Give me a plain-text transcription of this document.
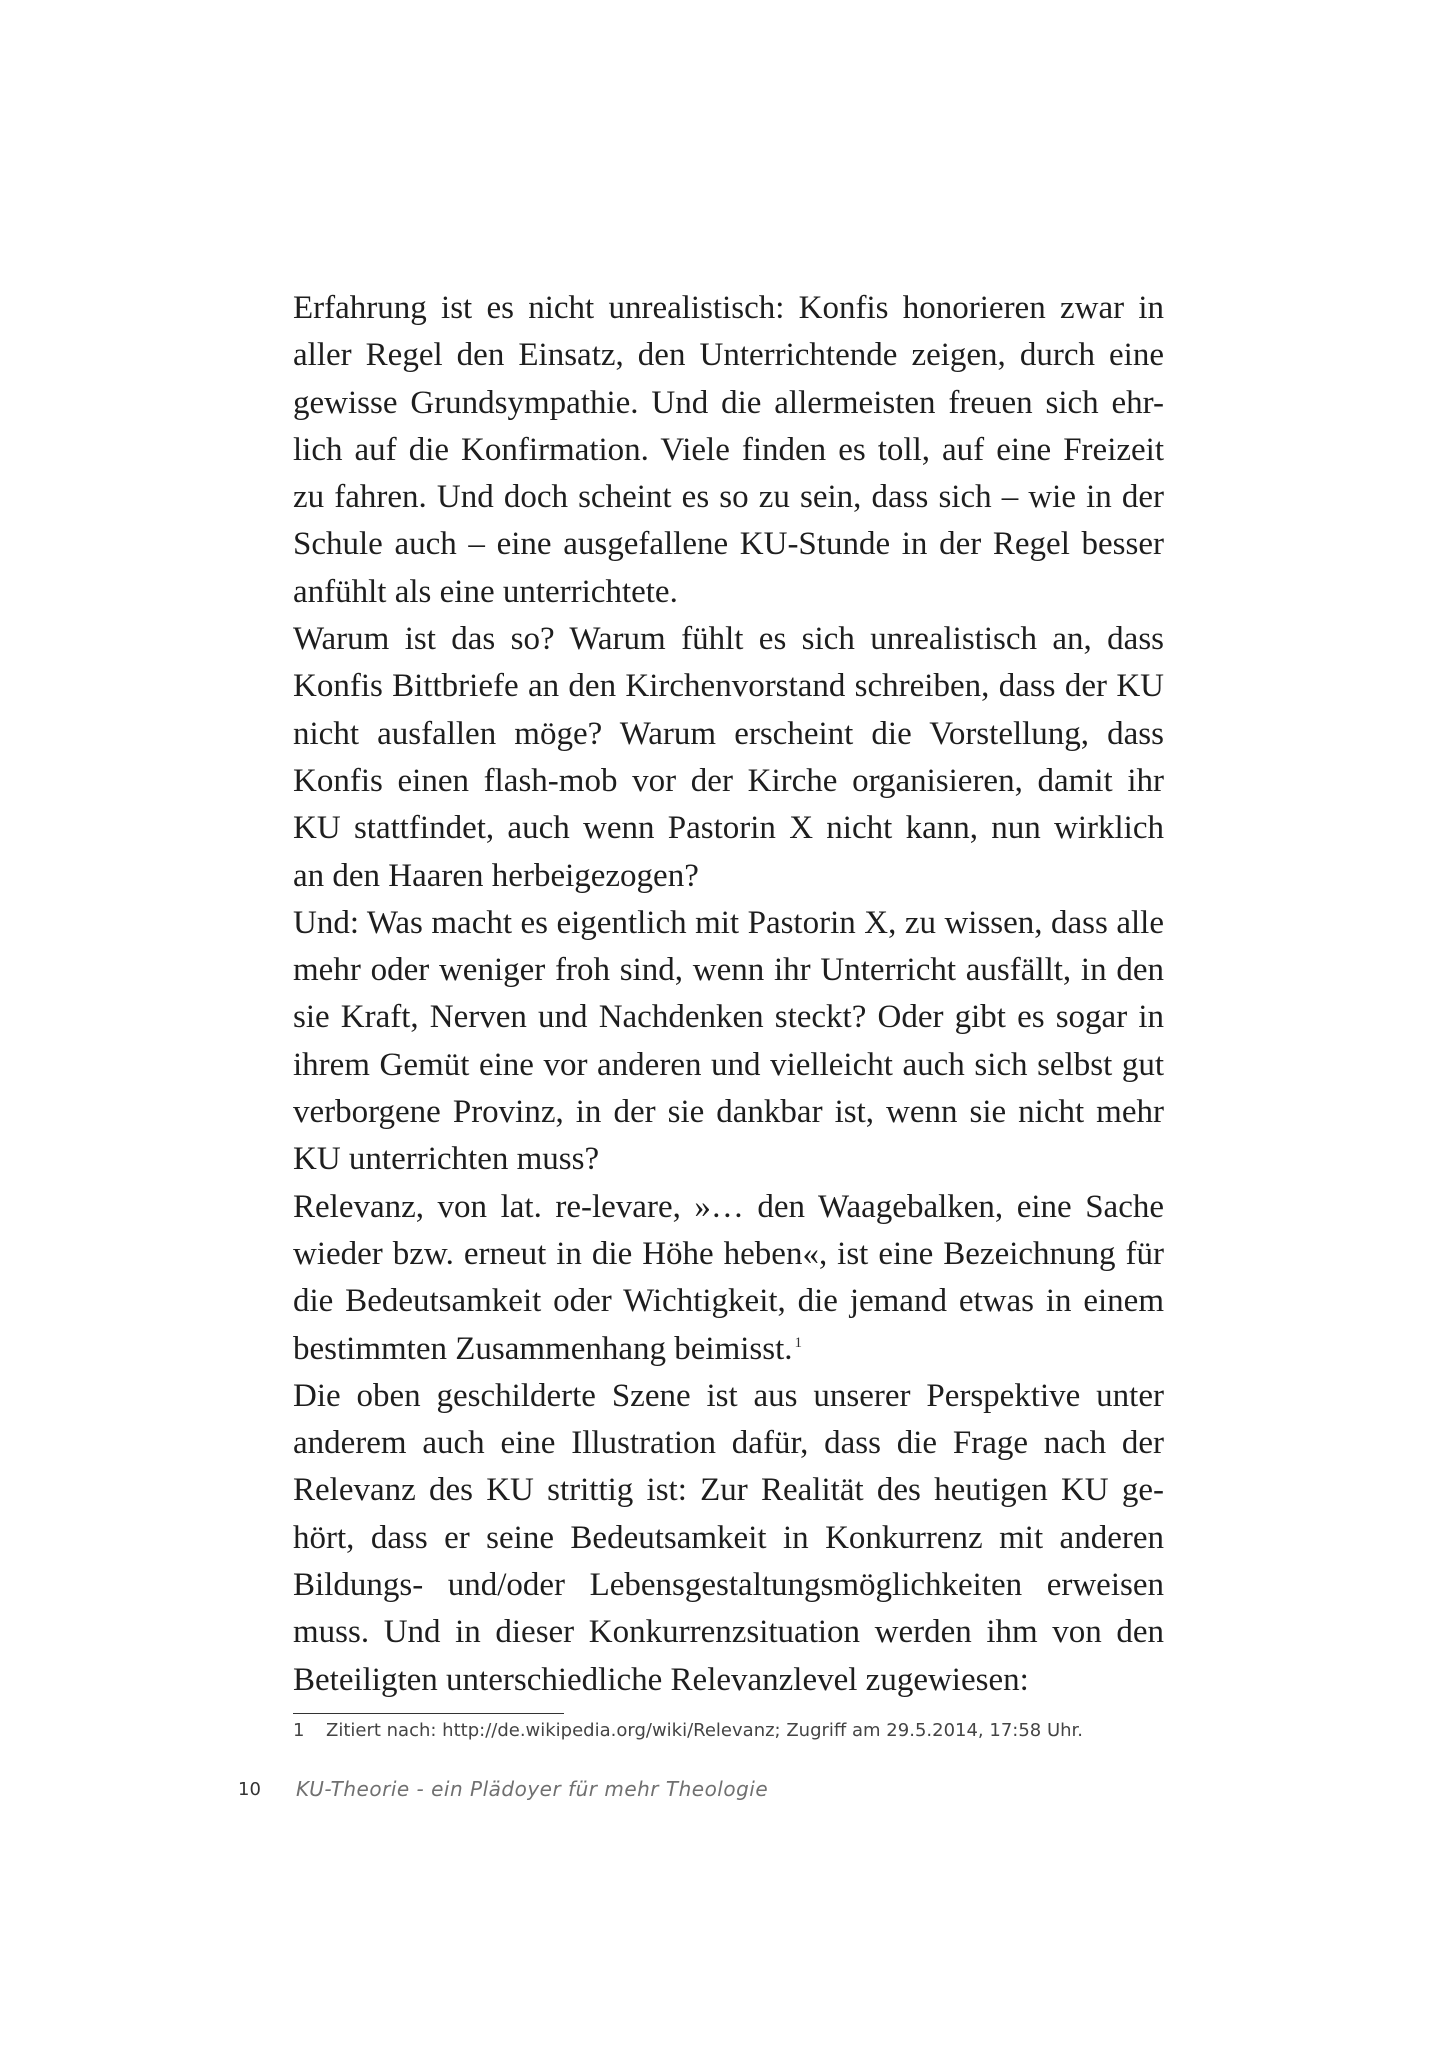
Erfahrung ist es nicht unrealistisch: Konfis honorieren zwar in
aller Regel den Einsatz, den Unterrichtende zeigen, durch eine
gewisse Grundsympathie. Und die allermeisten freuen sich ehr-
lich auf die Konfirmation. Viele finden es toll, auf eine Freizeit
zu fahren. Und doch scheint es so zu sein, dass sich – wie in der
Schule auch – eine ausgefallene KU-Stunde in der Regel besser
anfühlt als eine unterrichtete.
Warum ist das so? Warum fühlt es sich unrealistisch an, dass
Konfis Bittbriefe an den Kirchenvorstand schreiben, dass der KU
nicht ausfallen möge? Warum erscheint die Vorstellung, dass
Konfis einen flash-mob vor der Kirche organisieren, damit ihr
KU stattfindet, auch wenn Pastorin X nicht kann, nun wirklich
an den Haaren herbeigezogen?
Und: Was macht es eigentlich mit Pastorin X, zu wissen, dass alle
mehr oder weniger froh sind, wenn ihr Unterricht ausfällt, in den
sie Kraft, Nerven und Nachdenken steckt? Oder gibt es sogar in
ihrem Gemüt eine vor anderen und vielleicht auch sich selbst gut
verborgene Provinz, in der sie dankbar ist, wenn sie nicht mehr
KU unterrichten muss?
Relevanz, von lat. re-levare, »… den Waagebalken, eine Sache
wieder bzw. erneut in die Höhe heben«, ist eine Bezeichnung für
die Bedeutsamkeit oder Wichtigkeit, die jemand etwas in einem
bestimmten Zusammenhang beimisst. $^1$
Die oben geschilderte Szene ist aus unserer Perspektive unter
anderem auch eine Illustration dafür, dass die Frage nach der
Relevanz des KU strittig ist: Zur Realität des heutigen KU ge-
hört, dass er seine Bedeutsamkeit in Konkurrenz mit anderen
Bildungs- und/oder Lebensgestaltungsmöglichkeiten erweisen
muss. Und in dieser Konkurrenzsituation werden ihm von den
Beteiligten unterschiedliche Relevanzlevel zugewiesen:
1 Zitiert nach: http://de.wikipedia.org/wiki/Relevanz; Zugriff am 29.5.2014, 17:58 Uhr.
10 KU-Theorie - ein Plädoyer für mehr Theologie
